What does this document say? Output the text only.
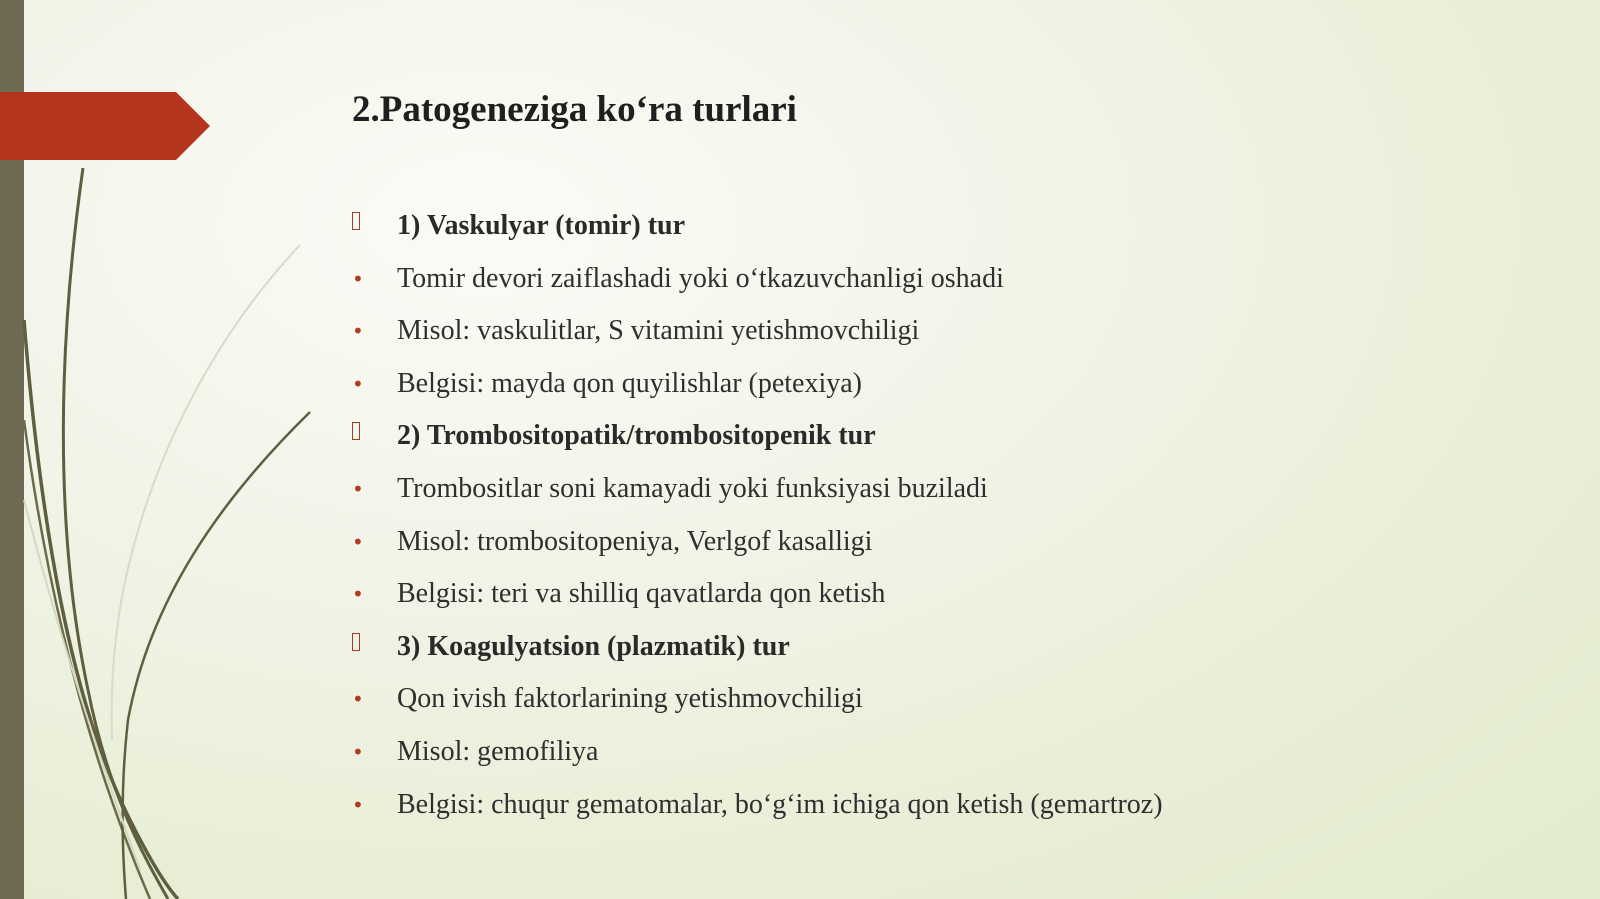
2.Patogeneziga ko‘ra turlari
1) Vaskulyar (tomir) tur
• Tomir devori zaiflashadi yoki o‘tkazuvchanligi oshadi
• Misol: vaskulitlar, S vitamini yetishmovchiligi
• Belgisi: mayda qon quyilishlar (petexiya)
2) Trombositopatik/trombositopenik tur
• Trombositlar soni kamayadi yoki funksiyasi buziladi
• Misol: trombositopeniya, Verlgof kasalligi
• Belgisi: teri va shilliq qavatlarda qon ketish
3) Koagulyatsion (plazmatik) tur
• Qon ivish faktorlarining yetishmovchiligi
• Misol: gemofiliya
• Belgisi: chuqur gematomalar, bo‘g‘im ichiga qon ketish (gemartroz)
